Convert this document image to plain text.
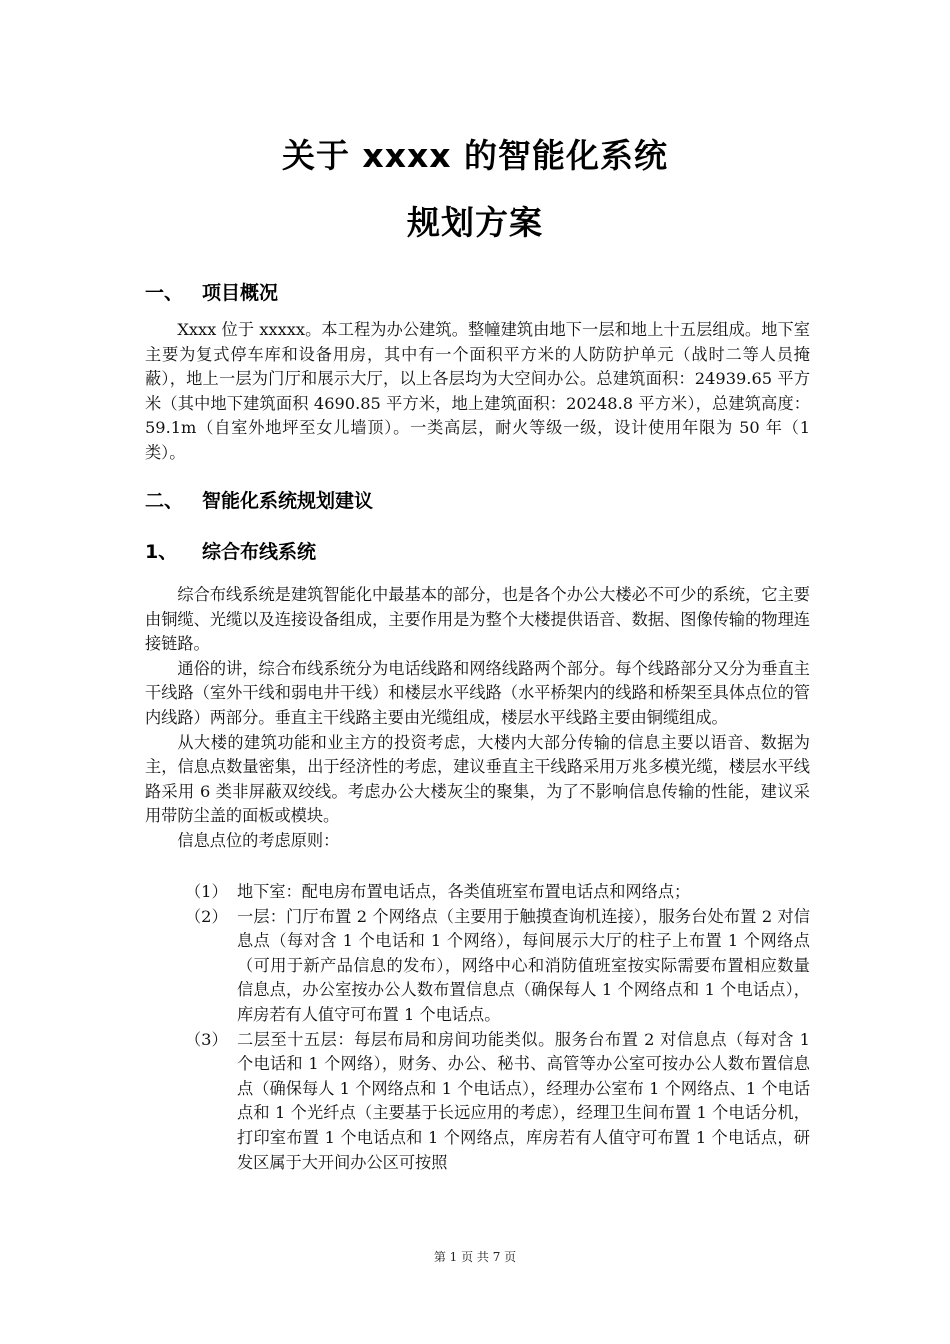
关于 xxxx 的智能化系统
规划方案
一、 项目概况

Xxxx 位于 xxxxx。本工程为办公建筑。整幢建筑由地下一层和地上十五层组成。地下室主要为复式停车库和设备用房，其中有一个面积平方米的人防防护单元（战时二等人员掩蔽），地上一层为门厅和展示大厅，以上各层均为大空间办公。总建筑面积：24939.65 平方米（其中地下建筑面积 4690.85 平方米，地上建筑面积：20248.8 平方米），总建筑高度：59.1m（自室外地坪至女儿墙顶）。一类高层，耐火等级一级，设计使用年限为 50 年（1 类）。

二、 智能化系统规划建议
1、 综合布线系统

综合布线系统是建筑智能化中最基本的部分，也是各个办公大楼必不可少的系统，它主要由铜缆、光缆以及连接设备组成，主要作用是为整个大楼提供语音、数据、图像传输的物理连接链路。

通俗的讲，综合布线系统分为电话线路和网络线路两个部分。每个线路部分又分为垂直主干线路（室外干线和弱电井干线）和楼层水平线路（水平桥架内的线路和桥架至具体点位的管内线路）两部分。垂直主干线路主要由光缆组成，楼层水平线路主要由铜缆组成。

从大楼的建筑功能和业主方的投资考虑，大楼内大部分传输的信息主要以语音、数据为主，信息点数量密集，出于经济性的考虑，建议垂直主干线路采用万兆多模光缆，楼层水平线路采用 6 类非屏蔽双绞线。考虑办公大楼灰尘的聚集，为了不影响信息传输的性能，建议采用带防尘盖的面板或模块。

信息点位的考虑原则：

（1） 地下室：配电房布置电话点，各类值班室布置电话点和网络点；
（2） 一层：门厅布置 2 个网络点（主要用于触摸查询机连接），服务台处布置 2 对信息点（每对含 1 个电话和 1 个网络），每间展示大厅的柱子上布置 1 个网络点（可用于新产品信息的发布），网络中心和消防值班室按实际需要布置相应数量信息点，办公室按办公人数布置信息点（确保每人 1 个网络点和 1 个电话点），库房若有人值守可布置 1 个电话点。
（3） 二层至十五层：每层布局和房间功能类似。服务台布置 2 对信息点（每对含 1 个电话和 1 个网络），财务、办公、秘书、高管等办公室可按办公人数布置信息点（确保每人 1 个网络点和 1 个电话点），经理办公室布 1 个网络点、1 个电话点和 1 个光纤点（主要基于长远应用的考虑），经理卫生间布置 1 个电话分机，打印室布置 1 个电话点和 1 个网络点，库房若有人值守可布置 1 个电话点，研发区属于大开间办公区可按照
第 1 页 共 7 页
